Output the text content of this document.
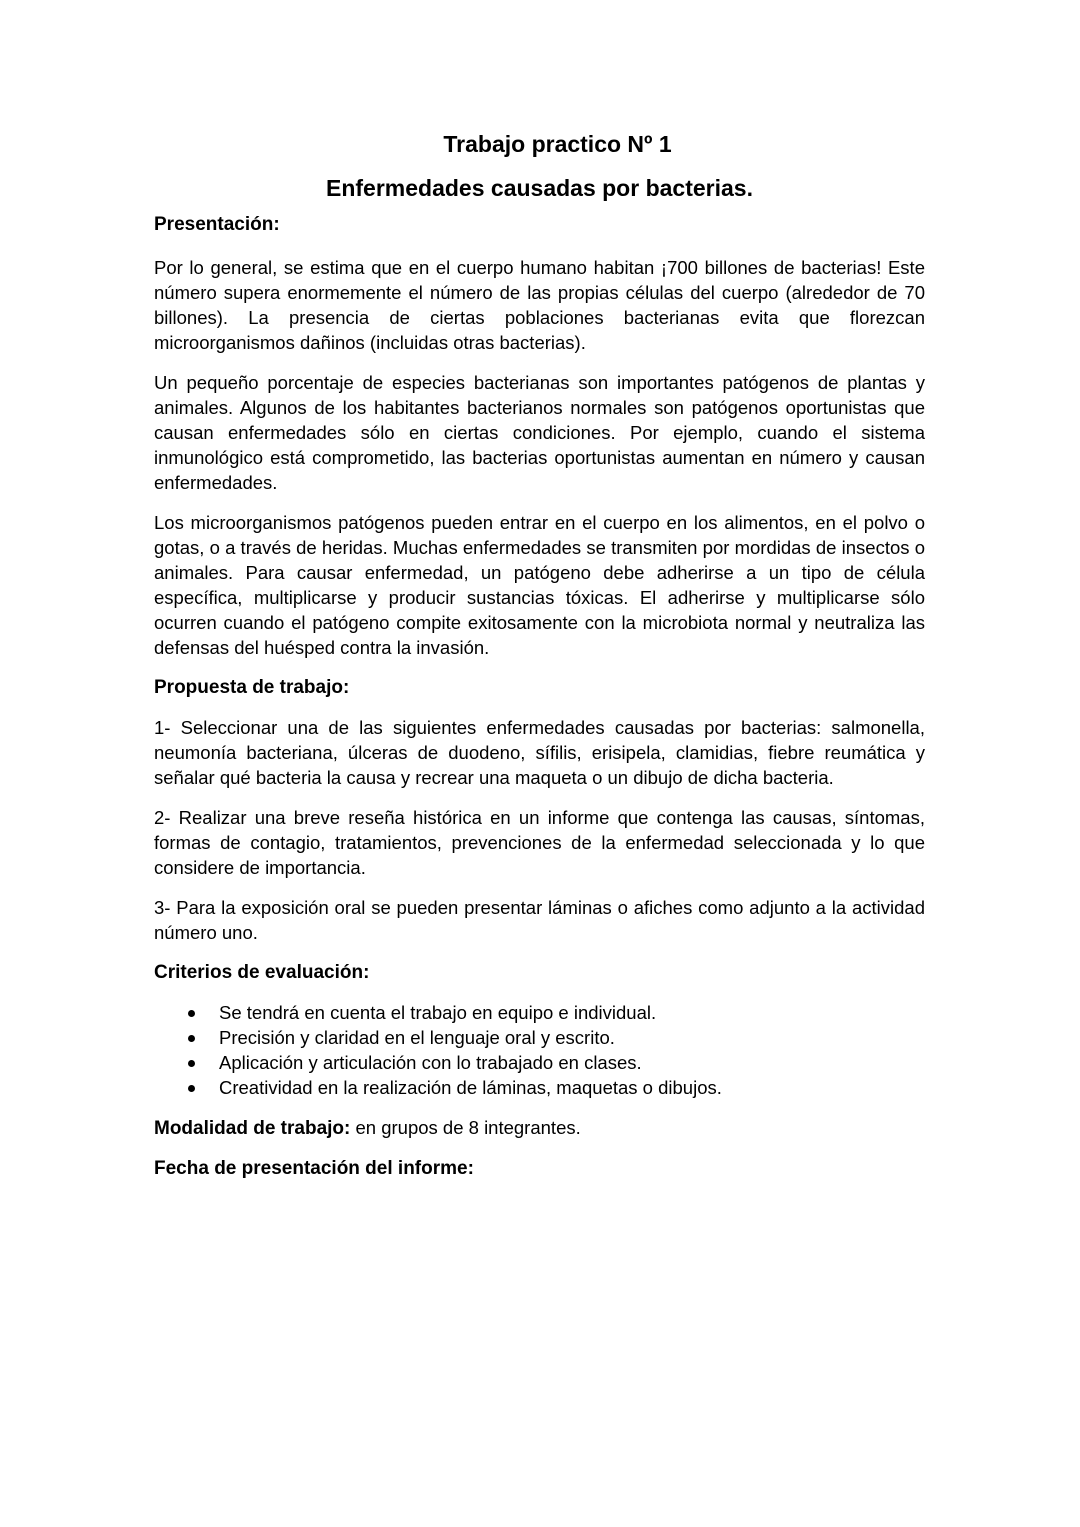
Trabajo practico Nº 1
Enfermedades causadas por bacterias.
Presentación:

Por lo general, se estima que en el cuerpo humano habitan ¡700 billones de bacterias! Este número supera enormemente el número de las propias células del cuerpo (alrededor de 70 billones). La presencia de ciertas poblaciones bacterianas evita que florezcan microorganismos dañinos (incluidas otras bacterias).

Un pequeño porcentaje de especies bacterianas son importantes patógenos de plantas y animales. Algunos de los habitantes bacterianos normales son patógenos oportunistas que causan enfermedades sólo en ciertas condiciones. Por ejemplo, cuando el sistema inmunológico está comprometido, las bacterias oportunistas aumentan en número y causan enfermedades.

Los microorganismos patógenos pueden entrar en el cuerpo en los alimentos, en el polvo o gotas, o a través de heridas. Muchas enfermedades se transmiten por mordidas de insectos o animales. Para causar enfermedad, un patógeno debe adherirse a un tipo de célula específica, multiplicarse y producir sustancias tóxicas. El adherirse y multiplicarse sólo ocurren cuando el patógeno compite exitosamente con la microbiota normal y neutraliza las defensas del huésped contra la invasión.

Propuesta de trabajo:

1- Seleccionar una de las siguientes enfermedades causadas por bacterias: salmonella, neumonía bacteriana, úlceras de duodeno, sífilis, erisipela, clamidias, fiebre reumática y señalar qué bacteria la causa y recrear una maqueta o un dibujo de dicha bacteria.

2- Realizar una breve reseña histórica en un informe que contenga las causas, síntomas, formas de contagio, tratamientos, prevenciones de la enfermedad seleccionada y lo que considere de importancia.

3- Para la exposición oral se pueden presentar láminas o afiches como adjunto a la actividad número uno.

Criterios de evaluación:
Se tendrá en cuenta el trabajo en equipo e individual.
Precisión y claridad en el lenguaje oral y escrito.
Aplicación y articulación con lo trabajado en clases.
Creatividad en la realización de láminas, maquetas o dibujos.

Modalidad de trabajo: en grupos de 8 integrantes.

Fecha de presentación del informe:
